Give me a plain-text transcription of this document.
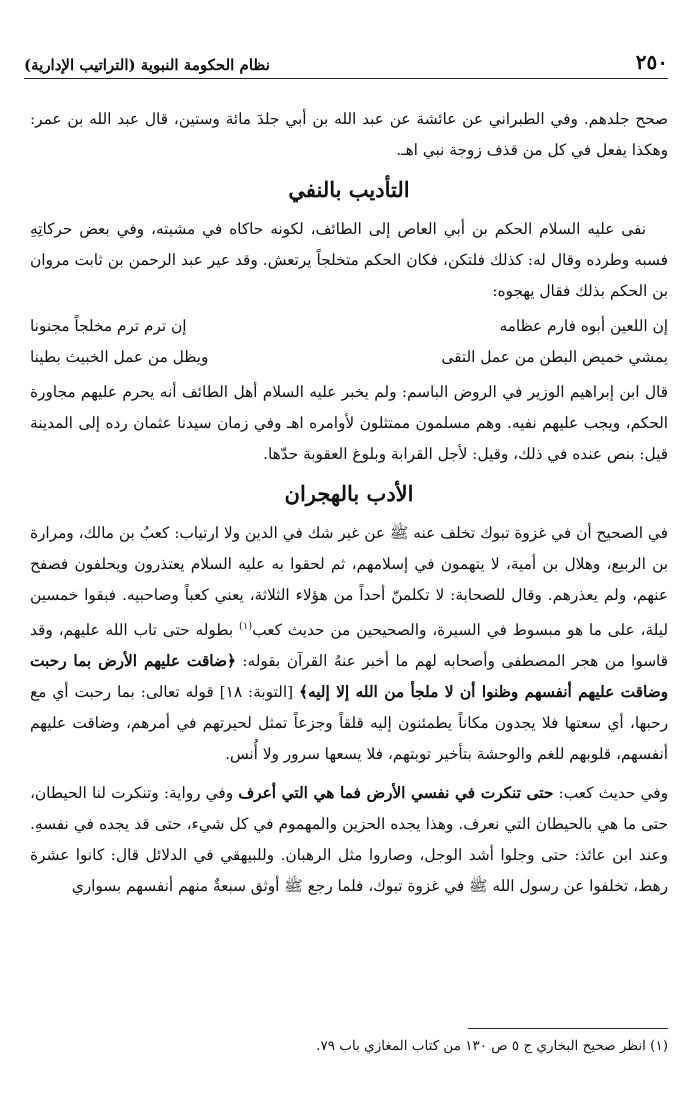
نظام الحكومة النبوية (التراتيب الإدارية)	٢٥٠

صحح جلدهم. وفي الطبراني عن عائشة عن عبد الله بن أبي جلدَ مائة وستين، قال عبد الله بن عمر: وهكذا يفعل في كل من قذف زوجة نبي اهـ.

التأديب بالنفي

نفى عليه السلام الحكم بن أبي العاص إلى الطائف، لكونه حاكاه في مشيته، وفي بعض حركاتِهِ فسبه وطرده وقال له: كذلك فلتكن، فكان الحكم متخلجاً يرتعش. وقد عير عبد الرحمن بن ثابت مروان بن الحكم بذلك فقال يهجوه:

إن اللعين أبوه فارم عظامه
إن ترم ترم مخلجاً مجنونا
يمشي خميص البطن من عمل التقى
ويظل من عمل الخبيث بطينا

قال ابن إبراهيم الوزير في الروض الباسم: ولم يخبر عليه السلام أهل الطائف أنه يحرم عليهم مجاورة الحكم، ويجب عليهم نفيه. وهم مسلمون ممتثلون لأوامره اهـ وفي زمان سيدنا عثمان رده إلى المدينة قيل: بنص عنده في ذلك، وقيل: لأجل القرابة وبلوغ العقوبة حدّها.

الأدب بالهجران

في الصحيح أن في غزوة تبوك تخلف عنه ﷺ عن غير شك في الدين ولا ارتياب: كعبُ بن مالك، ومرارة بن الربيع، وهلال بن أمية، لا يتهمون في إسلامهم، ثم لحقوا به عليه السلام يعتذرون ويحلفون فصفح عنهم، ولم يعذرهم. وقال للصحابة: لا تكلمنّ أحداً من هؤلاء الثلاثة، يعني كعباً وصاحبيه. فبقوا خمسين ليلة، على ما هو مبسوط في السيرة، والصحيحين من حديث كعب$^{(١)}$ بطوله حتى تاب الله عليهم، وقد قاسوا من هجر المصطفى وأصحابه لهم ما أخبر عنهُ القرآن بقوله: ﴿ضاقت عليهم الأرض بما رحبت وضاقت عليهم أنفسهم وظنوا أن لا ملجأ من الله إلا إليه﴾ [التوبة: ١٨] قوله تعالى: بما رحبت أي مع رحبها، أي سعتها فلا يجدون مكاناً يطمئنون إليه قلقاً وجزعاً تمثل لحيرتهم في أمرهم، وضاقت عليهم أنفسهم، قلوبهم للغم والوحشة بتأخير توبتهم، فلا يسعها سرور ولا أُنس.

وفي حديث كعب: حتى تنكرت في نفسي الأرض فما هي التي أعرف وفي رواية: وتنكرت لنا الحيطان، حتى ما هي بالحيطان التي نعرف. وهذا يجده الحزين والمهموم في كل شيء، حتى قد يجده في نفسهِ. وعند ابن عائذ: حتى وجلوا أشد الوجل، وصاروا مثل الرهبان. وللبيهقي في الدلائل قال: كانوا عشرة رهط، تخلفوا عن رسول الله ﷺ في غزوة تبوك، فلما رجع ﷺ أوثق سبعةٌ منهم أنفسهم بسواري

(١) انظر صحيح البخاري ج ٥ ص ١٣٠ من كتاب المغازي باب ٧٩.
